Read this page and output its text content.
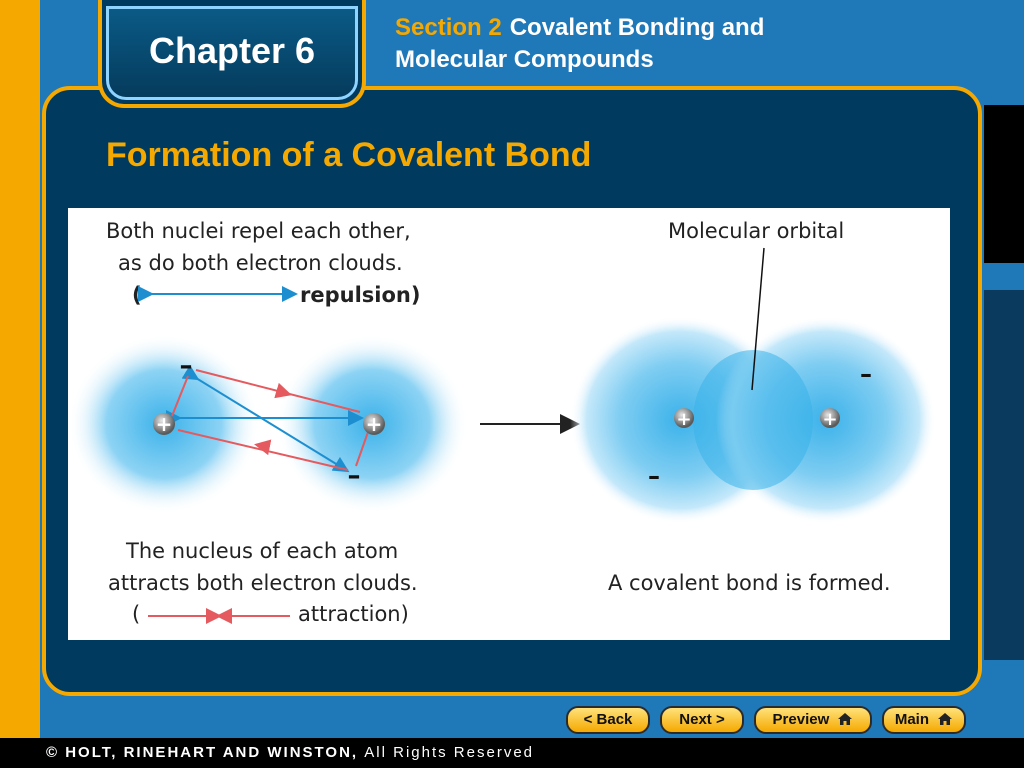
Chapter 6
Section 2 Covalent Bonding and
Molecular Compounds
Formation of a Covalent Bond
Both nuclei repel each other,
as do both electron clouds.
(	repulsion)
+	+
–
–
The nucleus of each atom
attracts both electron clouds.
(	attraction)
Molecular orbital
+	+
–
–
A covalent bond is formed.
< Back	Next >	Preview	Main
© HOLT, RINEHART AND WINSTON, All Rights Reserved
